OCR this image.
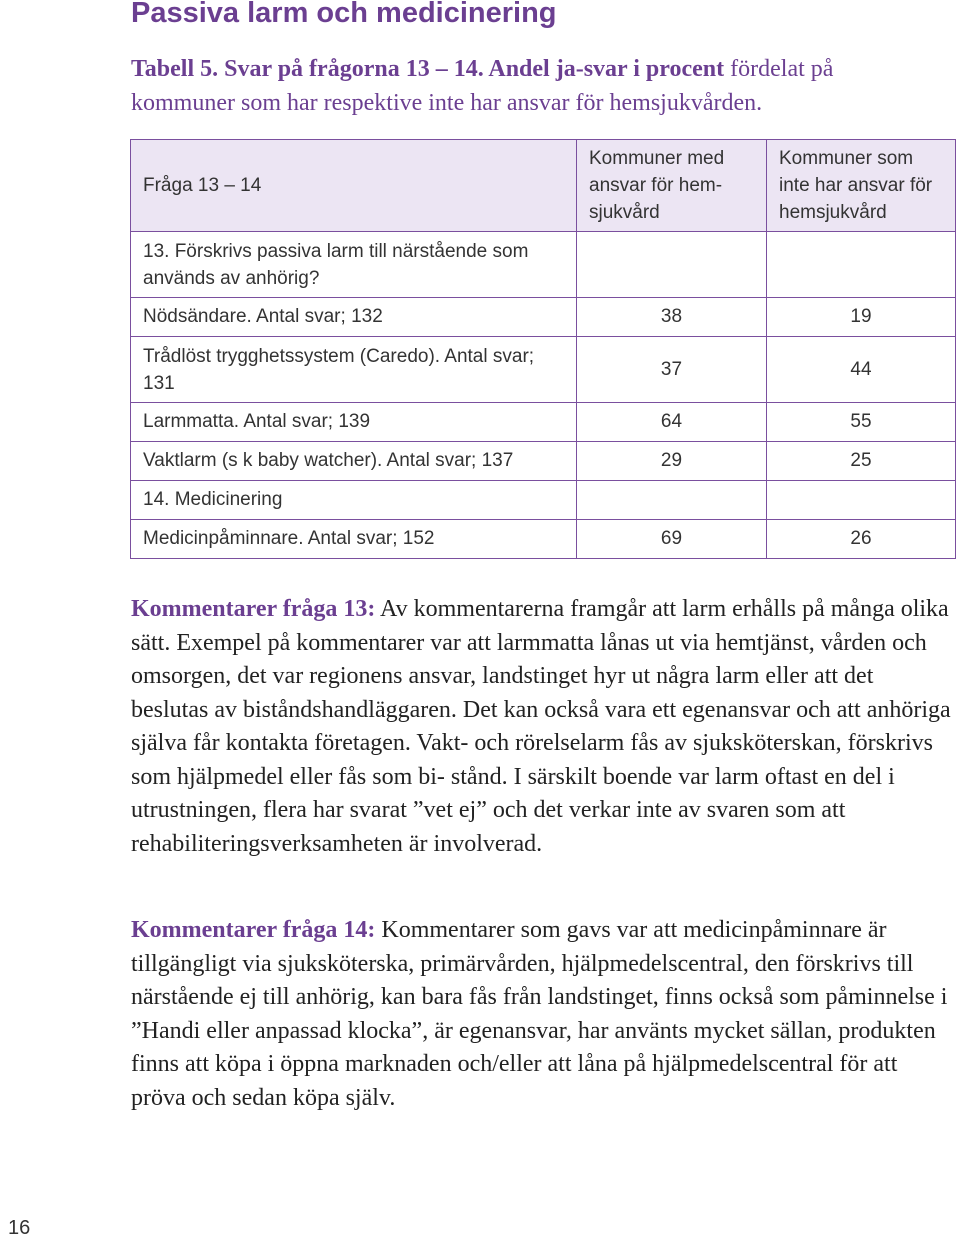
Passiva larm och medicinering

Tabell 5. Svar på frågorna 13 – 14. Andel ja-svar i procent fördelat på kommuner som har respektive inte har ansvar för hemsjukvården.

Fråga 13 – 14	Kommuner med ansvar för hem- sjukvård	Kommuner som inte har ansvar för hemsjukvård
13. Förskrivs passiva larm till närstående som används av anhörig?		
Nödsändare. Antal svar; 132	38	19
Trådlöst trygghetssystem (Caredo). Antal svar; 131	37	44
Larmmatta. Antal svar; 139	64	55
Vaktlarm (s k baby watcher). Antal svar; 137	29	25
14. Medicinering		
Medicinpåminnare. Antal svar; 152	69	26

Kommentarer fråga 13: Av kommentarerna framgår att larm erhålls på många olika sätt. Exempel på kommentarer var att larmmatta lånas ut via hemtjänst, vården och omsorgen, det var regionens ansvar, landstinget hyr ut några larm eller att det beslutas av biståndshandläggaren. Det kan också vara ett egenansvar och att anhöriga själva får kontakta företagen. Vakt- och rörelselarm fås av sjuksköterskan, förskrivs som hjälpmedel eller fås som bi- stånd. I särskilt boende var larm oftast en del i utrustningen, flera har svarat ”vet ej” och det verkar inte av svaren som att rehabiliteringsverksamheten är involverad.

Kommentarer fråga 14: Kommentarer som gavs var att medicinpåminnare är tillgängligt via sjuksköterska, primärvården, hjälpmedelscentral, den förskrivs till närstående ej till anhörig, kan bara fås från landstinget, finns också som påminnelse i ”Handi eller anpassad klocka”, är egenansvar, har använts mycket sällan, produkten finns att köpa i öppna marknaden och/eller att låna på hjälpmedelscentral för att pröva och sedan köpa själv.

16
